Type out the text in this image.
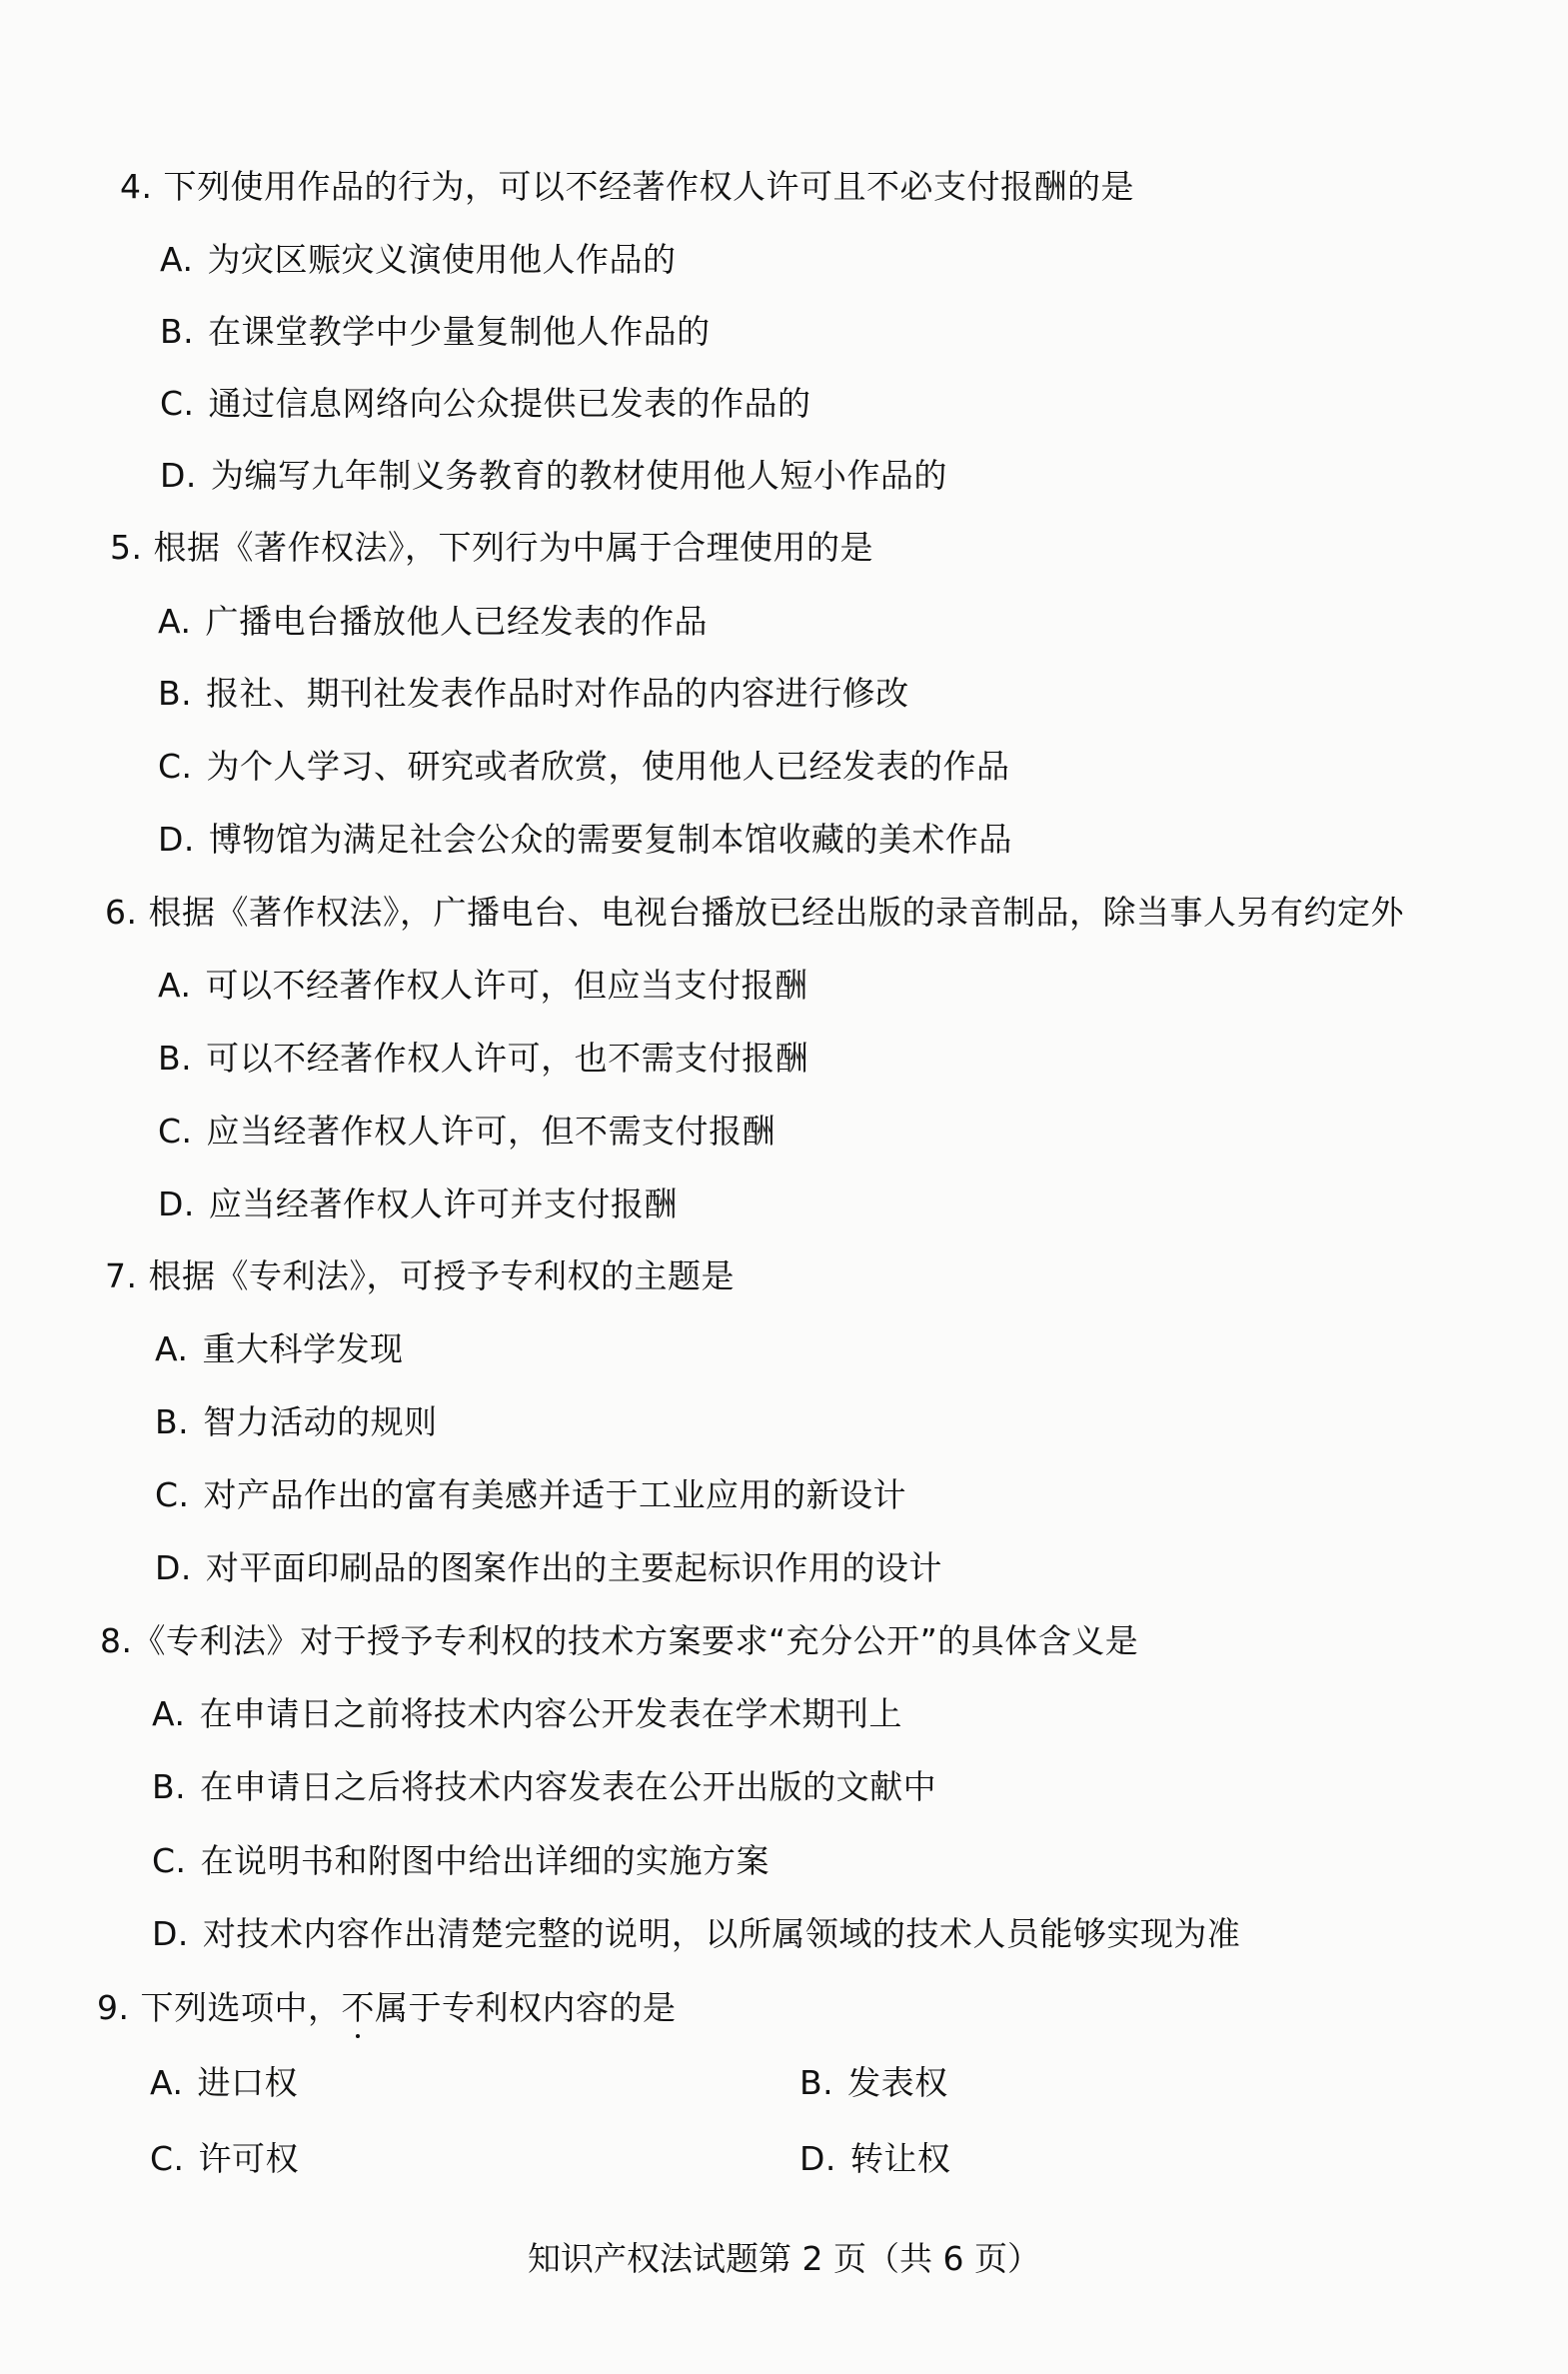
4. 下列使用作品的行为，可以不经著作权人许可且不必支付报酬的是
A. 为灾区赈灾义演使用他人作品的
B. 在课堂教学中少量复制他人作品的
C. 通过信息网络向公众提供已发表的作品的
D. 为编写九年制义务教育的教材使用他人短小作品的
5. 根据《著作权法》，下列行为中属于合理使用的是
A. 广播电台播放他人已经发表的作品
B. 报社、期刊社发表作品时对作品的内容进行修改
C. 为个人学习、研究或者欣赏，使用他人已经发表的作品
D. 博物馆为满足社会公众的需要复制本馆收藏的美术作品
6. 根据《著作权法》，广播电台、电视台播放已经出版的录音制品，除当事人另有约定外
A. 可以不经著作权人许可，但应当支付报酬
B. 可以不经著作权人许可，也不需支付报酬
C. 应当经著作权人许可，但不需支付报酬
D. 应当经著作权人许可并支付报酬
7. 根据《专利法》，可授予专利权的主题是
A. 重大科学发现
B. 智力活动的规则
C. 对产品作出的富有美感并适于工业应用的新设计
D. 对平面印刷品的图案作出的主要起标识作用的设计
8.《专利法》对于授予专利权的技术方案要求“充分公开”的具体含义是
A. 在申请日之前将技术内容公开发表在学术期刊上
B. 在申请日之后将技术内容发表在公开出版的文献中
C. 在说明书和附图中给出详细的实施方案
D. 对技术内容作出清楚完整的说明，以所属领域的技术人员能够实现为准
9. 下列选项中，不属于专利权内容的是
A. 进口权	B. 发表权
C. 许可权	D. 转让权
知识产权法试题第 2 页（共 6 页）
